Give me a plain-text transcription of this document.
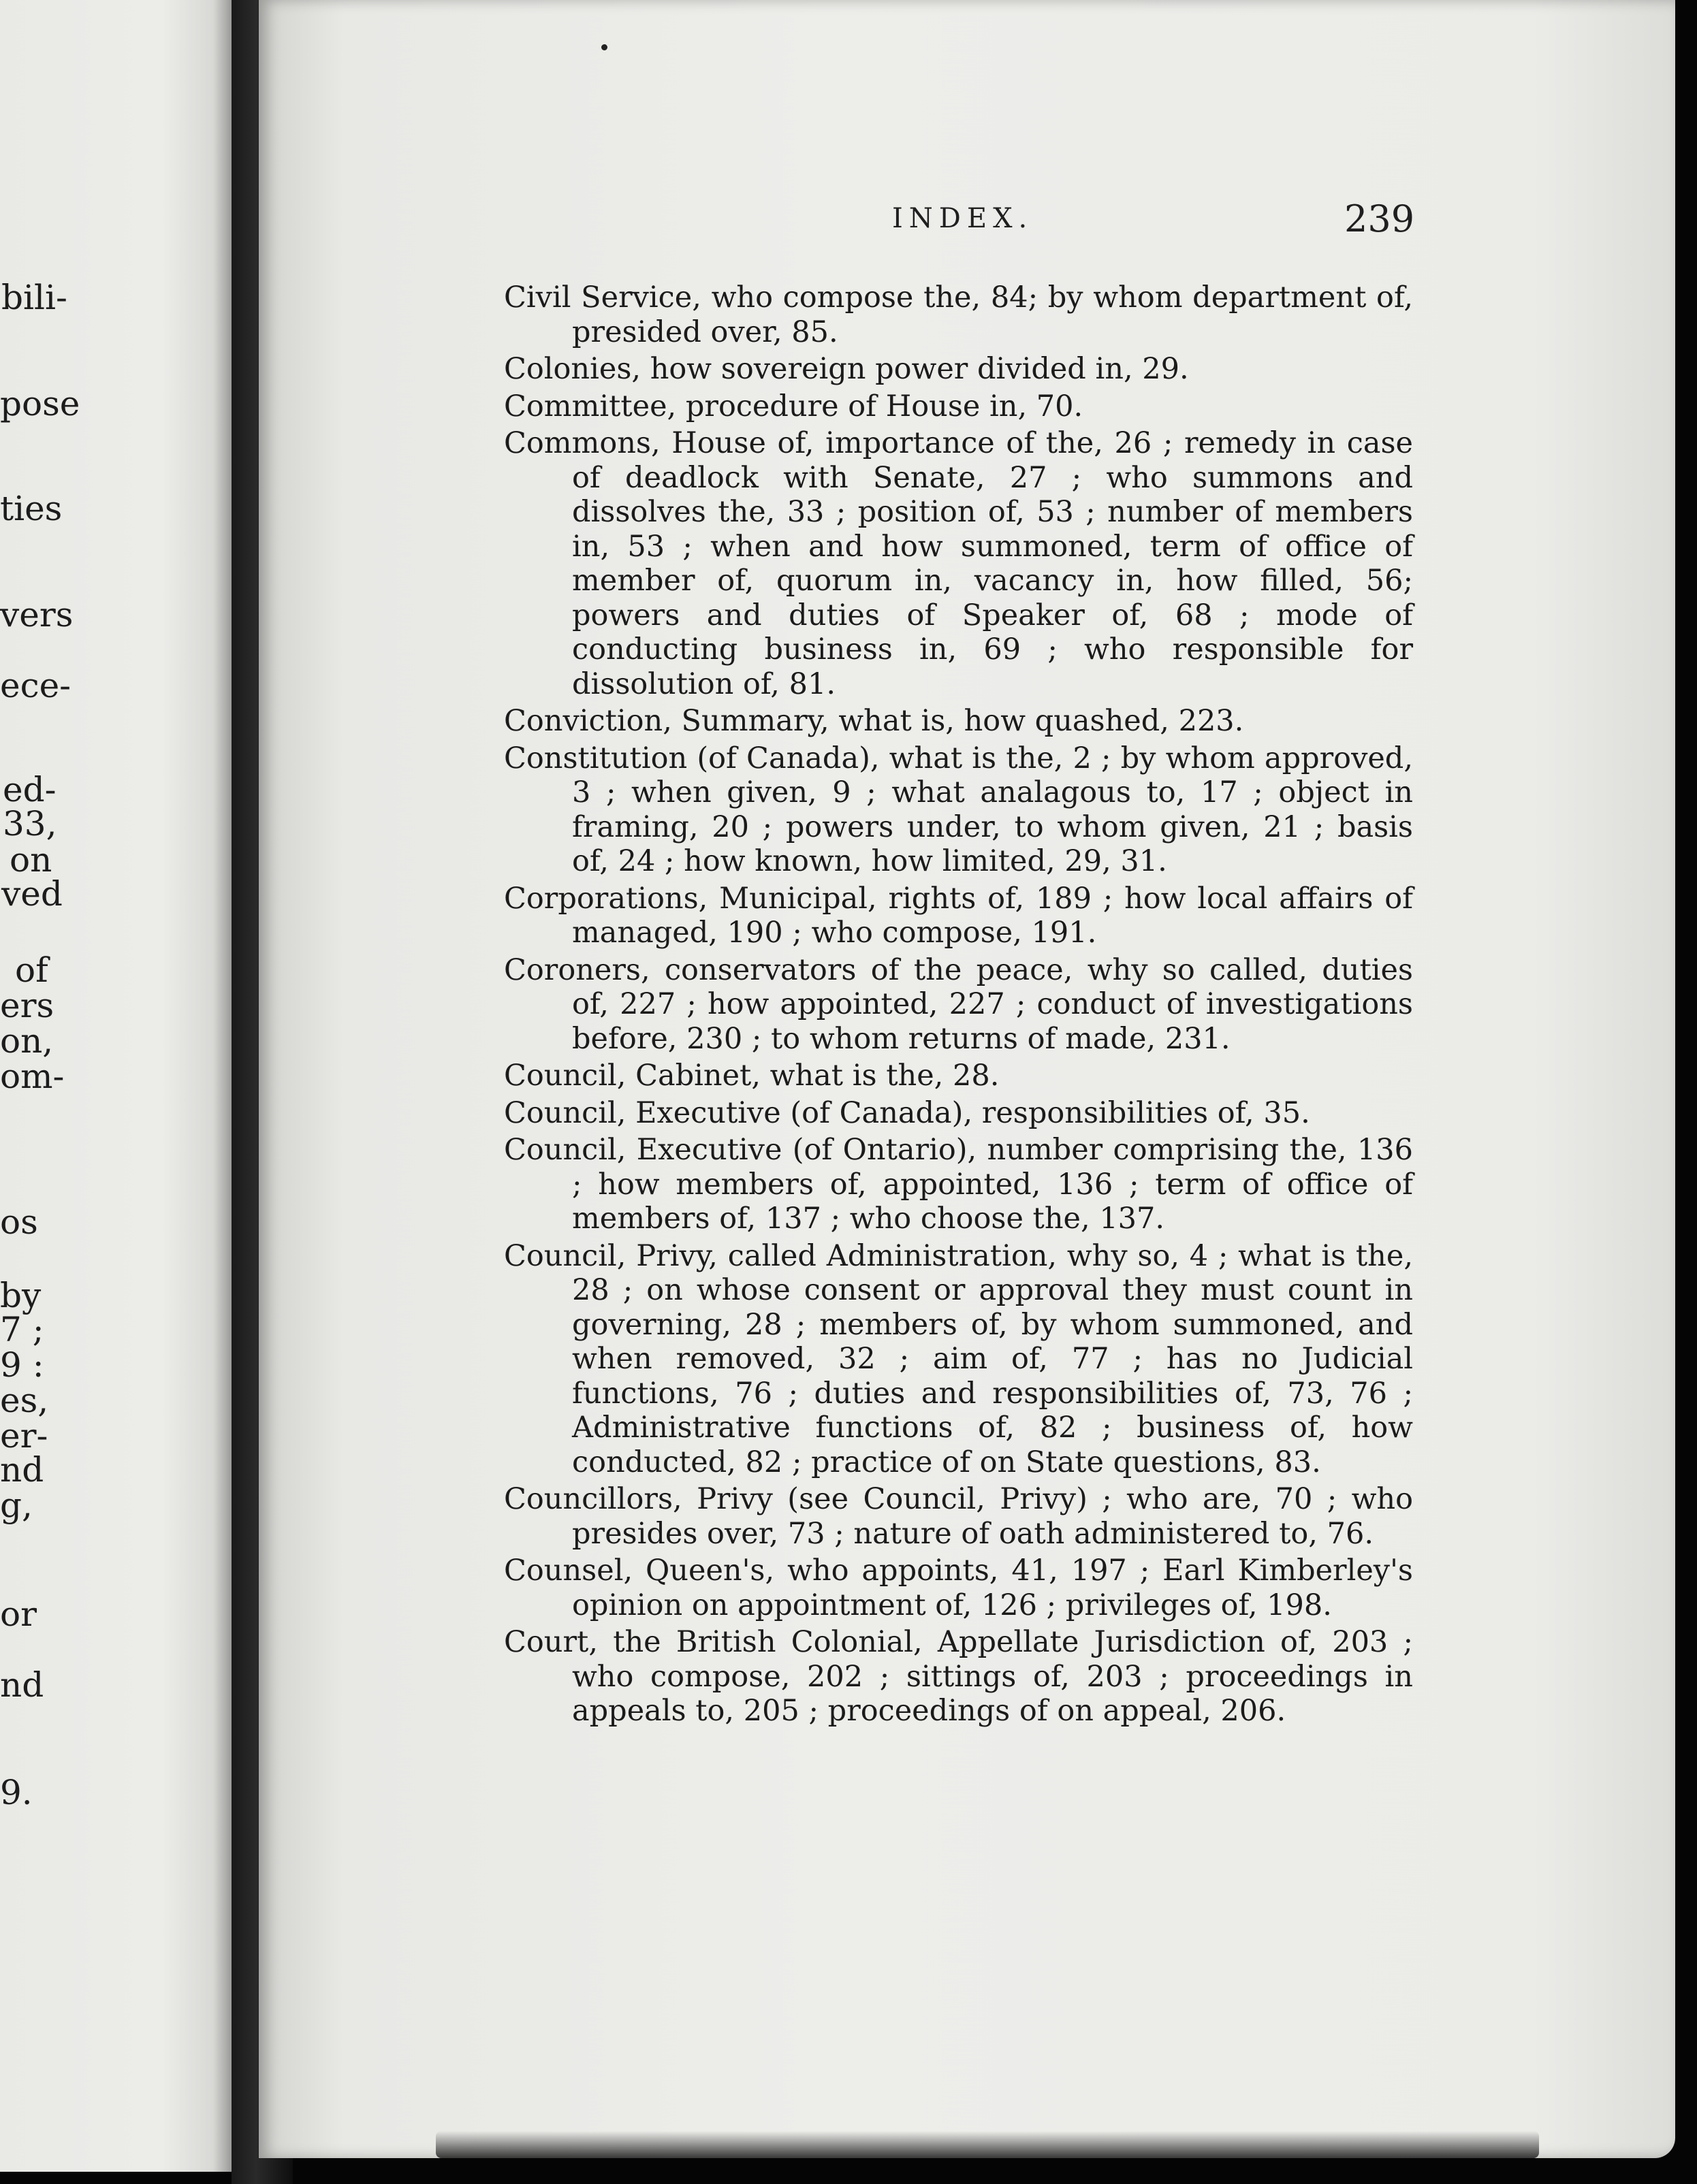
bili-
pose
ties
vers
ece-
ed-
33,
on
ved
of
ers
on,
om-
os
by
7 ;
9 :
es,
er-
nd
g,
or
nd
9.
INDEX.	239

Civil Service, who compose the, 84; by whom department of, presided over, 85.

Colonies, how sovereign power divided in, 29.

Committee, procedure of House in, 70.

Commons, House of, importance of the, 26 ; remedy in case of deadlock with Senate, 27 ; who summons and dissolves the, 33 ; position of, 53 ; number of members in, 53 ; when and how summoned, term of office of member of, quorum in, vacancy in, how filled, 56; powers and duties of Speaker of, 68 ; mode of conducting business in, 69 ; who responsible for dissolution of, 81.

Conviction, Summary, what is, how quashed, 223.

Constitution (of Canada), what is the, 2 ; by whom approved, 3 ; when given, 9 ; what analagous to, 17 ; object in framing, 20 ; powers under, to whom given, 21 ; basis of, 24 ; how known, how limited, 29, 31.

Corporations, Municipal, rights of, 189 ; how local affairs of managed, 190 ; who compose, 191.

Coroners, conservators of the peace, why so called, duties of, 227 ; how appointed, 227 ; conduct of investigations before, 230 ; to whom returns of made, 231.

Council, Cabinet, what is the, 28.

Council, Executive (of Canada), responsibilities of, 35.

Council, Executive (of Ontario), number comprising the, 136 ; how members of, appointed, 136 ; term of office of members of, 137 ; who choose the, 137.

Council, Privy, called Administration, why so, 4 ; what is the, 28 ; on whose consent or approval they must count in governing, 28 ; members of, by whom summoned, and when removed, 32 ; aim of, 77 ; has no Judicial functions, 76 ; duties and responsibilities of, 73, 76 ; Administrative functions of, 82 ; business of, how conducted, 82 ; practice of on State questions, 83.

Councillors, Privy (see Council, Privy) ; who are, 70 ; who presides over, 73 ; nature of oath administered to, 76.

Counsel, Queen's, who appoints, 41, 197 ; Earl Kimberley's opinion on appointment of, 126 ; privileges of, 198.

Court, the British Colonial, Appellate Jurisdiction of, 203 ; who compose, 202 ; sittings of, 203 ; proceedings in appeals to, 205 ; proceedings of on appeal, 206.
